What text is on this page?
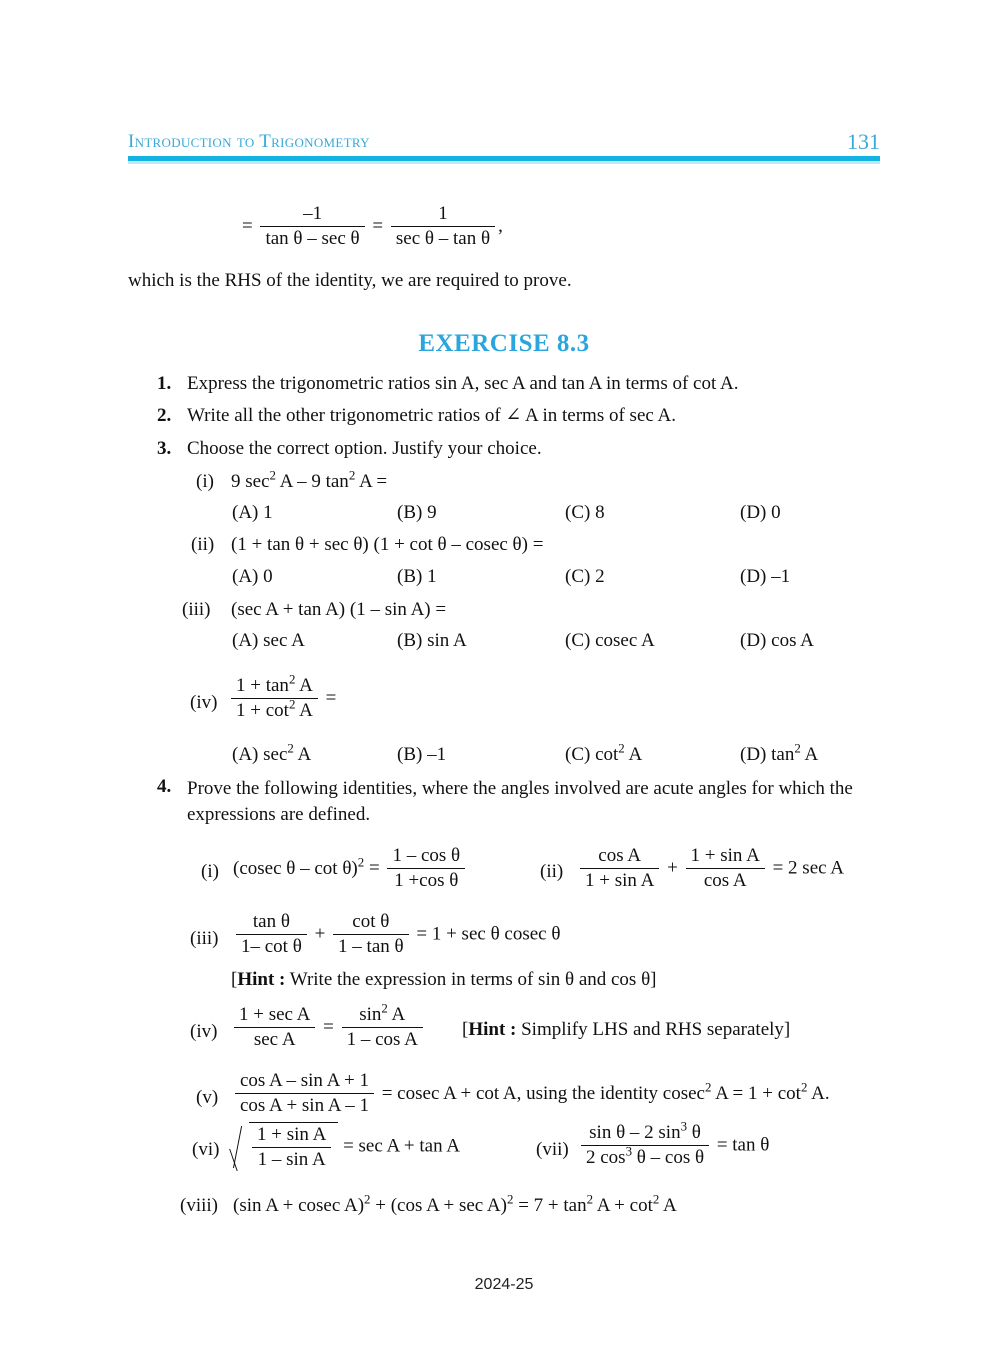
Introduction to Trigonometry	131
= $\frac{-1}{\text{tan θ – sec θ}} = \frac{1}{\text{sec θ – tan θ}}$ ,
which is the RHS of the identity, we are required to prove.
EXERCISE 8.3
1. Express the trigonometric ratios sin A, sec A and tan A in terms of cot A.
2. Write all the other trigonometric ratios of ∠ A in terms of sec A.
3. Choose the correct option. Justify your choice.
(i) 9 $\sec^2 A - 9$ $\tan^2 A$ =
(A) 1	(B) 9	(C) 8	(D) 0
(ii) (1 + tan θ + sec θ) (1 + cot θ – cosec θ) =
(A) 0	(B) 1	(C) 2	(D) –1
(iii) (sec A + tan A) (1 – sin A) =
(A) sec A	(B) sin A	(C) cosec A	(D) cos A
$(iv) \frac{1 + \tan^2 A}{1 + \cot^2 A}$ =
(A) $\sec^2 A$	(B) –1	(C) $\cot^2 A$	(D) $\tan^2 A$
4. Prove the following identities, where the angles involved are acute angles for which the expressions are defined.
(i) (cosec $\theta - \cot \theta)^2 = \frac{\text{1 – cos θ}}{\text{1 +cos θ}}$	$(ii) \frac{\text{cos A}}{\text{1 + sin A}} + \frac{\text{1 + sin A}}{\text{cos A}} = 2$ sec A
$(iii) \frac{\text{tan θ}}{\text{1– cot θ}} + \frac{\text{cot θ}}{\text{1 – tan θ}} = 1 + \sec \theta$ cosec θ
[Hint : Write the expression in terms of sin θ and cos θ]
$(iv) \frac{\text{1 + sec A}}{\text{sec A}} = \frac{\sin^2 A}{\text{1 – cos A}}$ [Hint : Simplify LHS and RHS separately]
$(v) \frac{\text{cos A – sin A + 1}}{\text{cos A + sin A – 1}} = cosec$ A + cot A, using the identity cosec$^2$ $A = 1 + \cot^2 A$.
$(vi) \frac{\text{1 + sin A}}{\text{1 – sin A}} = \sec A + \tan A$	$(vii) \frac{\sin \theta - 2 \sin^3 \theta}{2 \cos^3 \theta - \cos \theta} = \tan \theta$
(viii) (sin A + cosec A)$^2$ + (cos $A + \sec A)^2 = 7 + \tan^2 A + \cot^2 A$
2024-25
